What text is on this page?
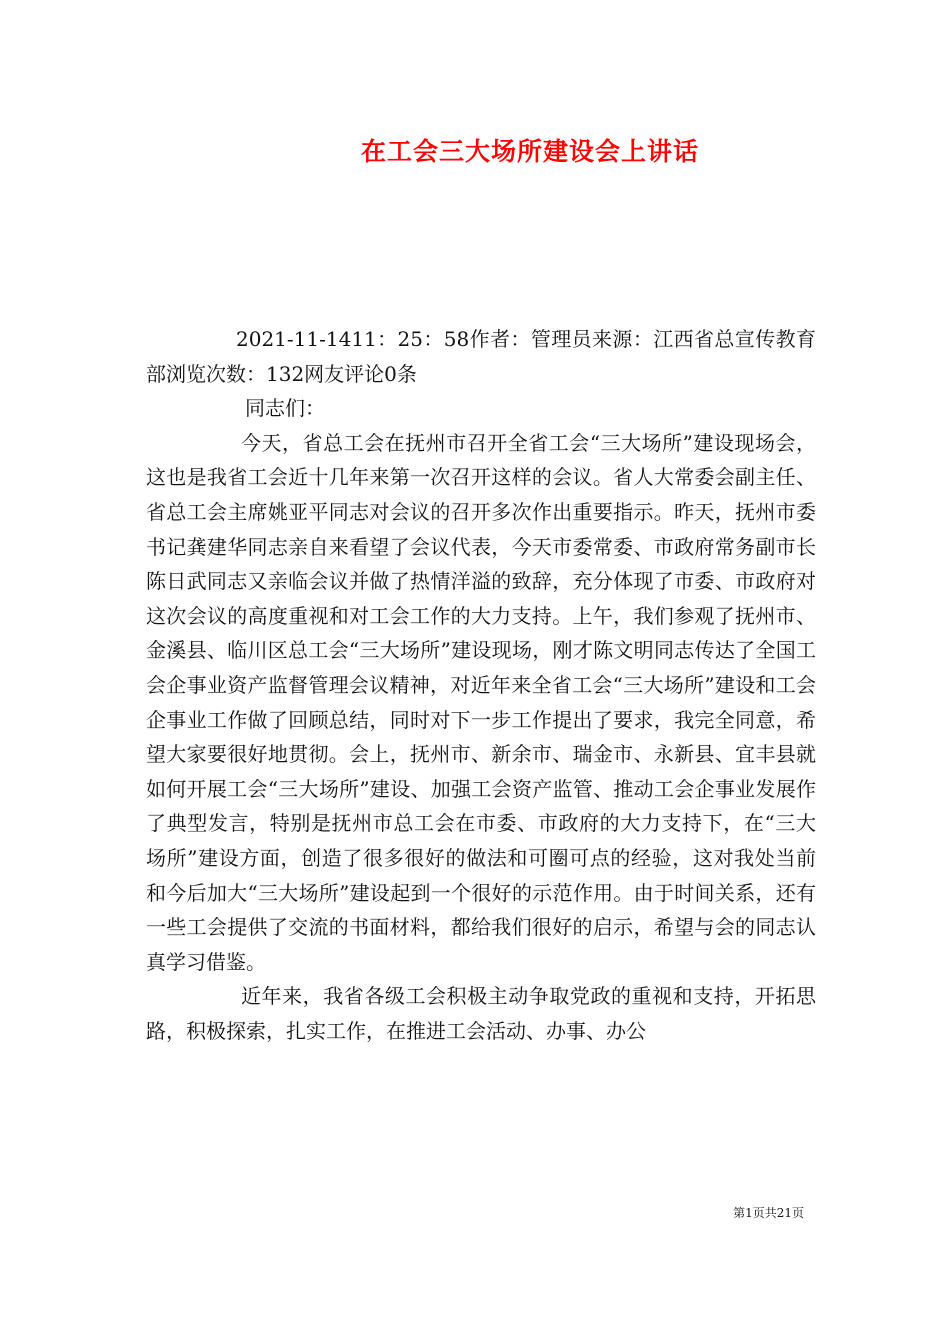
在工会三大场所建设会上讲话

2021-11-1411：25：58作者：管理员来源：江西省总宣传教育部浏览次数：132网友评论0条

同志们：

今天，省总工会在抚州市召开全省工会“三大场所”建设现场会，这也是我省工会近十几年来第一次召开这样的会议。省人大常委会副主任、省总工会主席姚亚平同志对会议的召开多次作出重要指示。昨天，抚州市委书记龚建华同志亲自来看望了会议代表，今天市委常委、市政府常务副市长陈日武同志又亲临会议并做了热情洋溢的致辞，充分体现了市委、市政府对这次会议的高度重视和对工会工作的大力支持。上午，我们参观了抚州市、金溪县、临川区总工会“三大场所”建设现场，刚才陈文明同志传达了全国工会企事业资产监督管理会议精神，对近年来全省工会“三大场所”建设和工会企事业工作做了回顾总结，同时对下一步工作提出了要求，我完全同意，希望大家要很好地贯彻。会上，抚州市、新余市、瑞金市、永新县、宜丰县就如何开展工会“三大场所”建设、加强工会资产监管、推动工会企事业发展作了典型发言，特别是抚州市总工会在市委、市政府的大力支持下，在“三大场所”建设方面，创造了很多很好的做法和可圈可点的经验，这对我处当前和今后加大“三大场所”建设起到一个很好的示范作用。由于时间关系，还有一些工会提供了交流的书面材料，都给我们很好的启示，希望与会的同志认真学习借鉴。

近年来，我省各级工会积极主动争取党政的重视和支持，开拓思路，积极探索，扎实工作，在推进工会活动、办事、办公

第1页共21页
